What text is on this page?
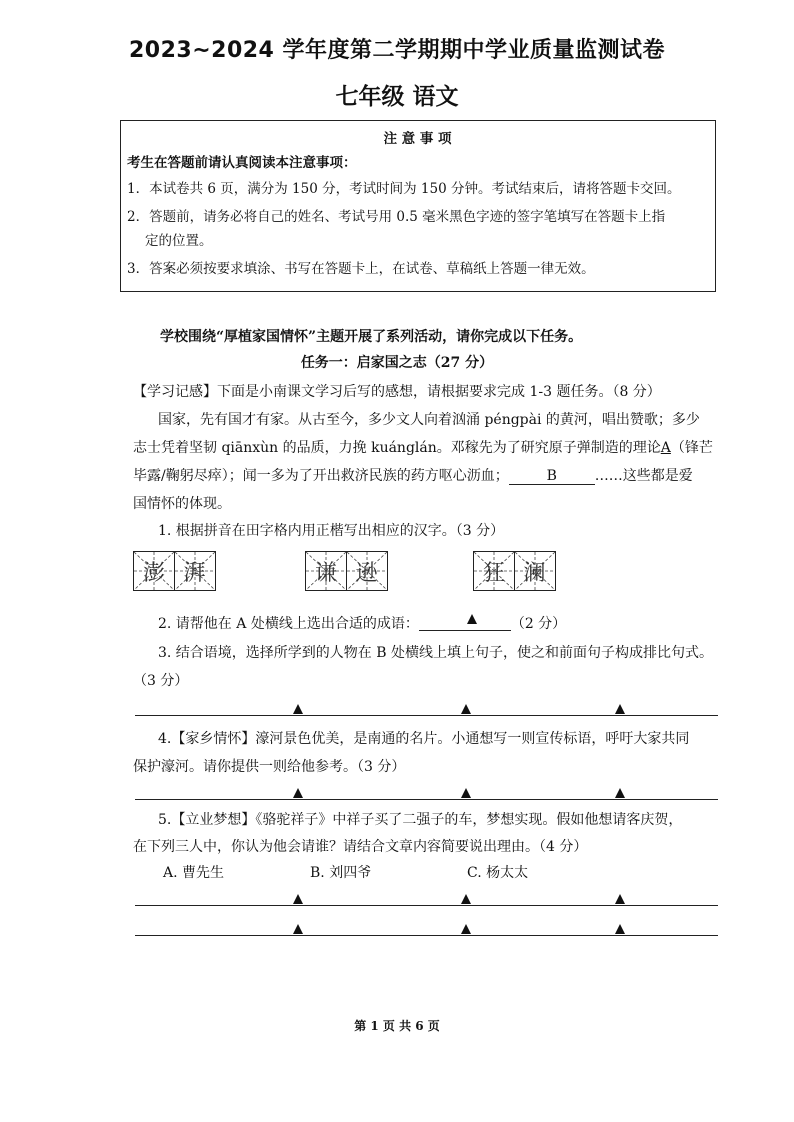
2023~2024 学年度第二学期期中学业质量监测试卷
七年级 语文
注 意 事 项
考生在答题前请认真阅读本注意事项：
1．本试卷共 6 页，满分为 150 分，考试时间为 150 分钟。考试结束后，请将答题卡交回。
2．答题前，请务必将自己的姓名、考试号用 0.5 毫米黑色字迹的签字笔填写在答题卡上指
定的位置。
3．答案必须按要求填涂、书写在答题卡上，在试卷、草稿纸上答题一律无效。
学校围绕“厚植家国情怀”主题开展了系列活动，请你完成以下任务。
任务一：启家国之志（27 分）
【学习记感】下面是小南课文学习后写的感想，请根据要求完成 1-3 题任务。（8 分）
国家，先有国才有家。从古至今，多少文人向着汹涌 péngpài 的黄河，唱出赞歌；多少
志士凭着坚韧 qiānxùn 的品质，力挽 kuánglán。邓稼先为了研究原子弹制造的理论A（锋芒
毕露/鞠躬尽瘁）；闻一多为了开出救济民族的药方呕心沥血；	B	……这些都是爱
国情怀的体现。
1. 根据拼音在田字格内用正楷写出相应的汉字。（3 分）
澎 湃	谦 逊	狂 澜
2. 请帮他在 A 处横线上选出合适的成语：	（2 分）
3. 结合语境，选择所学到的人物在 B 处横线上填上句子，使之和前面句子构成排比句式。
（3 分）
4.【家乡情怀】濠河景色优美，是南通的名片。小通想写一则宣传标语，呼吁大家共同
保护濠河。请你提供一则给他参考。（3 分）
5.【立业梦想】《骆驼祥子》中祥子买了二强子的车，梦想实现。假如他想请客庆贺，
在下列三人中，你认为他会请谁？请结合文章内容简要说出理由。（4 分）
A. 曹先生	B. 刘四爷	C. 杨太太
第 1 页 共 6 页
